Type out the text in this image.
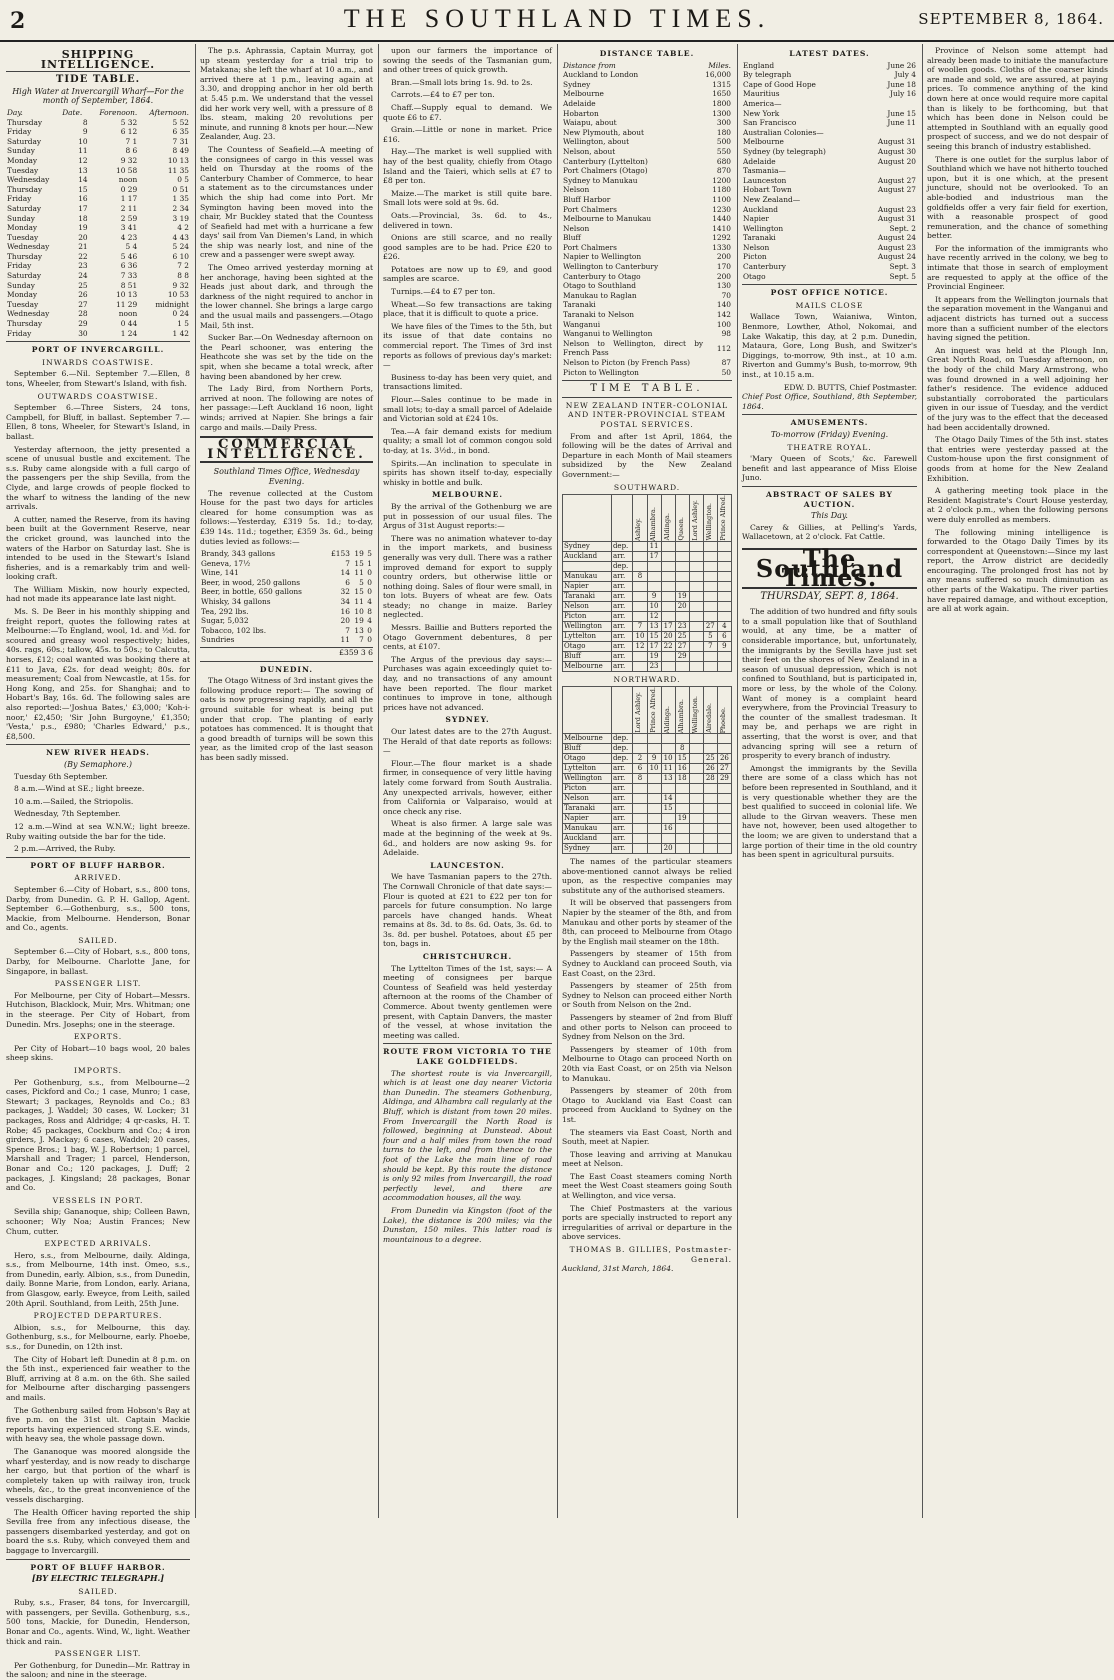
2	THE SOUTHLAND TIMES.	SEPTEMBER 8, 1864.
SHIPPING INTELLIGENCE.
TIDE TABLE.
High Water at Invercargill Wharf—For the month of September, 1864.
Day.	Date.	Forenoon.	Afternoon.
Thursday	8	5 32	5 52
Friday	9	6 12	6 35
Saturday	10	7 1	7 31
Sunday	11	8 6	8 49
Monday	12	9 32	10 13
Tuesday	13	10 58	11 35
Wednesday	14	noon	0 5
Thursday	15	0 29	0 51
Friday	16	1 17	1 35
Saturday	17	2 11	2 34
Sunday	18	2 59	3 19
Monday	19	3 41	4 2
Tuesday	20	4 23	4 43
Wednesday	21	5 4	5 24
Thursday	22	5 46	6 10
Friday	23	6 36	7 2
Saturday	24	7 33	8 8
Sunday	25	8 51	9 32
Monday	26	10 13	10 53
Tuesday	27	11 29	midnight
Wednesday	28	noon	0 24
Thursday	29	0 44	1 5
Friday	30	1 24	1 42
PORT OF INVERCARGILL.
INWARDS COASTWISE.

September 6.—Nil. September 7.—Ellen, 8 tons, Wheeler, from Stewart's Island, with fish.

OUTWARDS COASTWISE.

September 6.—Three Sisters, 24 tons, Campbell, for Bluff, in ballast. September 7.—Ellen, 8 tons, Wheeler, for Stewart's Island, in ballast.

Yesterday afternoon, the jetty presented a scene of unusual bustle and excitement. The s.s. Ruby came alongside with a full cargo of the passengers per the ship Sevilla, from the Clyde, and large crowds of people flocked to the wharf to witness the landing of the new arrivals.

A cutter, named the Reserve, from its having been built at the Government Reserve, near the cricket ground, was launched into the waters of the Harbor on Saturday last. She is intended to be used in the Stewart's Island fisheries, and is a remarkably trim and well-looking craft.

The William Miskin, now hourly expected, had not made its appearance late last night.

Ms. S. De Beer in his monthly shipping and freight report, quotes the following rates at Melbourne:—To England, wool, 1d. and ½d. for scoured and greasy wool respectively; hides, 40s. rags, 60s.; tallow, 45s. to 50s.; to Calcutta, horses, £12; coal wanted was booking there at £11 to Java, £2s. for dead weight; 80s. for measurement; Coal from Newcastle, at 15s. for Hong Kong, and 25s. for Shanghai; and to Hobart's Bay, 16s. 6d. The following sales are also reported:—'Joshua Bates,' £3,000; 'Koh-i-noor,' £2,450; 'Sir John Burgoyne,' £1,350; 'Vesta,' p.s., £980; 'Charles Edward,' p.s., £8,500.

NEW RIVER HEADS.
(By Semaphore.)

Tuesday 6th September.

8 a.m.—Wind at SE.; light breeze.

10 a.m.—Sailed, the Striopolis.

Wednesday, 7th September.

12 a.m.—Wind at sea W.N.W.; light breeze. Ruby waiting outside the bar for the tide.

2 p.m.—Arrived, the Ruby.

PORT OF BLUFF HARBOR.
ARRIVED.

September 6.—City of Hobart, s.s., 800 tons, Darby, from Dunedin. G. P. H. Gallop, Agent. September 6.—Gothenburg, s.s., 500 tons, Mackie, from Melbourne. Henderson, Bonar and Co., agents.

SAILED.

September 6.—City of Hobart, s.s., 800 tons, Darby, for Melbourne. Charlotte Jane, for Singapore, in ballast.

PASSENGER LIST.

For Melbourne, per City of Hobart—Messrs. Hutchison, Blacklock, Muir, Mrs. Whitman; one in the steerage. Per City of Hobart, from Dunedin. Mrs. Josephs; one in the steerage.

EXPORTS.

Per City of Hobart—10 bags wool, 20 bales sheep skins.

IMPORTS.

Per Gothenburg, s.s., from Melbourne—2 cases, Pickford and Co.; 1 case, Munro; 1 case, Stewart; 3 packages, Reynolds and Co.; 83 packages, J. Waddel; 30 cases, W. Locker; 31 packages, Ross and Aldridge; 4 qr-casks, H. T. Robe; 45 packages, Cockburn and Co.; 4 iron girders, J. Mackay; 6 cases, Waddel; 20 cases, Spence Bros.; 1 bag, W. J. Robertson; 1 parcel, Marshall and Trager; 1 parcel, Henderson, Bonar and Co.; 120 packages, J. Duff; 2 packages, J. Kingsland; 28 packages, Bonar and Co.

VESSELS IN PORT.

Sevilla ship; Gananoque, ship; Colleen Bawn, schooner; Wly Noa; Austin Frances; New Chum, cutter.

EXPECTED ARRIVALS.

Hero, s.s., from Melbourne, daily. Aldinga, s.s., from Melbourne, 14th inst. Omeo, s.s., from Dunedin, early. Albion, s.s., from Dunedin, daily. Bonne Marie, from London, early. Ariana, from Glasgow, early. Eweyce, from Leith, sailed 20th April. Southland, from Leith, 25th June.

PROJECTED DEPARTURES.

Albion, s.s., for Melbourne, this day. Gothenburg, s.s., for Melbourne, early. Phoebe, s.s., for Dunedin, on 12th inst.

The City of Hobart left Dunedin at 8 p.m. on the 5th inst., experienced fair weather to the Bluff, arriving at 8 a.m. on the 6th. She sailed for Melbourne after discharging passengers and mails.

The Gothenburg sailed from Hobson's Bay at five p.m. on the 31st ult. Captain Mackie reports having experienced strong S.E. winds, with heavy sea, the whole passage down.

The Gananoque was moored alongside the wharf yesterday, and is now ready to discharge her cargo, but that portion of the wharf is completely taken up with railway iron, truck wheels, &c., to the great inconvenience of the vessels discharging.

The Health Officer having reported the ship Sevilla free from any infectious disease, the passengers disembarked yesterday, and got on board the s.s. Ruby, which conveyed them and baggage to Invercargill.

PORT OF BLUFF HARBOR.
[BY ELECTRIC TELEGRAPH.]
SAILED.

Ruby, s.s., Fraser, 84 tons, for Invercargill, with passengers, per Sevilla. Gothenburg, s.s., 500 tons, Mackie, for Dunedin, Henderson, Bonar and Co., agents. Wind, W., light. Weather thick and rain.

PASSENGER LIST.

Per Gothenburg, for Dunedin—Mr. Rattray in the saloon; and nine in the steerage.

The p.s. Aphrassia, Captain Murray, got up steam yesterday for a trial trip to Matakana; she left the wharf at 10 a.m., and arrived there at 1 p.m., leaving again at 3.30, and dropping anchor in her old berth at 5.45 p.m. We understand that the vessel did her work very well, with a pressure of 8 lbs. steam, making 20 revolutions per minute, and running 8 knots per hour.—New Zealander, Aug. 23.

The Countess of Seafield.—A meeting of the consignees of cargo in this vessel was held on Thursday at the rooms of the Canterbury Chamber of Commerce, to hear a statement as to the circumstances under which the ship had come into Port. Mr Symington having been moved into the chair, Mr Buckley stated that the Countess of Seafield had met with a hurricane a few days' sail from Van Diemen's Land, in which the ship was nearly lost, and nine of the crew and a passenger were swept away.

The Omeo arrived yesterday morning at her anchorage, having been sighted at the Heads just about dark, and through the darkness of the night required to anchor in the lower channel. She brings a large cargo and the usual mails and passengers.—Otago Mail, 5th inst.

Sucker Bar.—On Wednesday afternoon on the Pearl schooner, was entering the Heathcote she was set by the tide on the spit, when she became a total wreck, after having been abandoned by her crew.

The Lady Bird, from Northern Ports, arrived at noon. The following are notes of her passage:—Left Auckland 16 noon, light winds; arrived at Napier. She brings a fair cargo and mails.—Daily Press.

COMMERCIAL INTELLIGENCE.
Southland Times Office, Wednesday Evening.

The revenue collected at the Custom House for the past two days for articles cleared for home consumption was as follows:—Yesterday, £319 5s. 1d.; to-day, £39 14s. 11d.; together, £359 3s. 6d., being duties levied as follows:—

Brandy, 343 gallons	£153	19	5
Geneva, 17½	7	15	1
Wine, 141	14	11	0
Beer, in wood, 250 gallons	6	5	0
Beer, in bottle, 650 gallons	32	15	0
Whisky, 34 gallons	34	11	4
Tea, 292 lbs.	16	10	8
Sugar, 5,032	20	19	4
Tobacco, 102 lbs.	7	13	0
Sundries	11	7	0
£359 3 6
DUNEDIN.

The Otago Witness of 3rd instant gives the following produce report:— The sowing of oats is now progressing rapidly, and all the ground suitable for wheat is being put under that crop. The planting of early potatoes has commenced. It is thought that a good breadth of turnips will be sown this year, as the limited crop of the last season has been sadly missed.

upon our farmers the importance of sowing the seeds of the Tasmanian gum, and other trees of quick growth.

Bran.—Small lots bring 1s. 9d. to 2s.

Carrots.—£4 to £7 per ton.

Chaff.—Supply equal to demand. We quote £6 to £7.

Grain.—Little or none in market. Price £16.

Hay.—The market is well supplied with hay of the best quality, chiefly from Otago Island and the Taieri, which sells at £7 to £8 per ton.

Maize.—The market is still quite bare. Small lots were sold at 9s. 6d.

Oats.—Provincial, 3s. 6d. to 4s., delivered in town.

Onions are still scarce, and no really good samples are to be had. Price £20 to £26.

Potatoes are now up to £9, and good samples are scarce.

Turnips.—£4 to £7 per ton.

Wheat.—So few transactions are taking place, that it is difficult to quote a price.

We have files of the Times to the 5th, but its issue of that date contains no commercial report. The Times of 3rd inst reports as follows of previous day's market:—

Business to-day has been very quiet, and transactions limited.

Flour.—Sales continue to be made in small lots; to-day a small parcel of Adelaide and Victorian sold at £24 10s.

Tea.—A fair demand exists for medium quality; a small lot of common congou sold to-day, at 1s. 3½d., in bond.

Spirits.—An inclination to speculate in spirits has shown itself to-day, especially whisky in bottle and bulk.

MELBOURNE.

By the arrival of the Gothenburg we are put in possession of our usual files. The Argus of 31st August reports:—

There was no animation whatever to-day in the import markets, and business generally was very dull. There was a rather improved demand for export to supply country orders, but otherwise little or nothing doing. Sales of flour were small, in ton lots. Buyers of wheat are few. Oats steady; no change in maize. Barley neglected.

Messrs. Baillie and Butters reported the Otago Government debentures, 8 per cents, at £107.

The Argus of the previous day says:—Purchases was again exceedingly quiet to-day, and no transactions of any amount have been reported. The flour market continues to improve in tone, although prices have not advanced.

SYDNEY.

Our latest dates are to the 27th August. The Herald of that date reports as follows:—

Flour.—The flour market is a shade firmer, in consequence of very little having lately come forward from South Australia. Any unexpected arrivals, however, either from California or Valparaiso, would at once check any rise.

Wheat is also firmer. A large sale was made at the beginning of the week at 9s. 6d., and holders are now asking 9s. for Adelaide.

LAUNCESTON.

We have Tasmanian papers to the 27th. The Cornwall Chronicle of that date says:— Flour is quoted at £21 to £22 per ton for parcels for future consumption. No large parcels have changed hands. Wheat remains at 8s. 3d. to 8s. 6d. Oats, 3s. 6d. to 3s. 8d. per bushel. Potatoes, about £5 per ton, bags in.

CHRISTCHURCH.

The Lyttelton Times of the 1st, says:— A meeting of consignees per barque Countess of Seafield was held yesterday afternoon at the rooms of the Chamber of Commerce. About twenty gentlemen were present, with Captain Danvers, the master of the vessel, at whose invitation the meeting was called.

ROUTE FROM VICTORIA TO THE LAKE GOLDFIELDS.

The shortest route is via Invercargill, which is at least one day nearer Victoria than Dunedin. The steamers Gothenburg, Aldinga, and Alhambra call regularly at the Bluff, which is distant from town 20 miles. From Invercargill the North Road is followed, beginning at Dunstead. About four and a half miles from town the road turns to the left, and from thence to the foot of the Lake the main line of road should be kept. By this route the distance is only 92 miles from Invercargill, the road perfectly level, and there are accommodation houses, all the way.

From Dunedin via Kingston (foot of the Lake), the distance is 200 miles; via the Dunstan, 150 miles. This latter road is mountainous to a degree.

DISTANCE TABLE.
Distance from	Miles.
Auckland to London	16,000
Sydney	1315
Melbourne	1650
Adelaide	1800
Hobarton	1300
Waiapu, about	300
New Plymouth, about	180
Wellington, about	500
Nelson, about	550
Canterbury (Lyttelton)	680
Port Chalmers (Otago)	870
Sydney to Manukau	1200
Nelson	1180
Bluff Harbor	1100
Port Chalmers	1230
Melbourne to Manukau	1440
Nelson	1410
Bluff	1292
Port Chalmers	1330
Napier to Wellington	200
Wellington to Canterbury	170
Canterbury to Otago	200
Otago to Southland	130
Manukau to Raglan	70
Taranaki	140
Taranaki to Nelson	142
Wanganui	100
Wanganui to Wellington	98
Nelson to Wellington, direct by French Pass	112
Nelson to Picton (by French Pass)	87
Picton to Wellington	50
TIME TABLE.
NEW ZEALAND INTER-COLONIAL AND INTER-PROVINCIAL STEAM POSTAL SERVICES.

From and after 1st April, 1864, the following will be the dates of Arrival and Departure in each Month of Mail steamers subsidized by the New Zealand Government:—

SOUTHWARD.

		Ashley.	Alhambra.	Aldinga.	Queen.	Lord Ashley.	Wellington.	Prince Alfred.

Sydney	dep.		11					
Auckland	arr.		17					
	dep.							
Manukau	arr.	8						
Napier	arr.							
Taranaki	arr.		9		19			
Nelson	arr.		10		20			
Picton	arr.		12					
Wellington	arr.	7	13	17	23		27	4
Lyttelton	arr.	10	15	20	25		5	6
Otago	arr.	12	17	22	27		7	9
Bluff	arr.		19		29			
Melbourne	arr.		23					
NORTHWARD.

		Lord Ashley.	Prince Alfred.	Aldinga.	Alhambra.	Wellington.	Airedale.	Phoebe.

Melbourne	dep.							
Bluff	dep.				8			
Otago	dep.	2	9	10	15		25	26
Lyttelton	arr.	6	10	11	16		26	27
Wellington	arr.	8		13	18		28	29
Picton	arr.							
Nelson	arr.			14				
Taranaki	arr.			15				
Napier	arr.				19			
Manukau	arr.			16				
Auckland	arr.							
Sydney	arr.			20				

The names of the particular steamers above-mentioned cannot always be relied upon, as the respective companies may substitute any of the authorised steamers.

It will be observed that passengers from Napier by the steamer of the 8th, and from Manukau and other ports by steamer of the 8th, can proceed to Melbourne from Otago by the English mail steamer on the 18th.

Passengers by steamer of 15th from Sydney to Auckland can proceed South, via East Coast, on the 23rd.

Passengers by steamer of 25th from Sydney to Nelson can proceed either North or South from Nelson on the 2nd.

Passengers by steamer of 2nd from Bluff and other ports to Nelson can proceed to Sydney from Nelson on the 3rd.

Passengers by steamer of 10th from Melbourne to Otago can proceed North on 20th via East Coast, or on 25th via Nelson to Manukau.

Passengers by steamer of 20th from Otago to Auckland via East Coast can proceed from Auckland to Sydney on the 1st.

The steamers via East Coast, North and South, meet at Napier.

Those leaving and arriving at Manukau meet at Nelson.

The East Coast steamers coming North meet the West Coast steamers going South at Wellington, and vice versa.

The Chief Postmasters at the various ports are specially instructed to report any irregularities of arrival or departure in the above services.

THOMAS B. GILLIES, Postmaster-General.
Auckland, 31st March, 1864.
LATEST DATES.
England	June 26
By telegraph	July 4
Cape of Good Hope	June 18
Mauritius	July 16
America—	
New York	June 15
San Francisco	June 11
Australian Colonies—	
Melbourne	August 31
Sydney (by telegraph)	August 30
Adelaide	August 20
Tasmania—	
Launceston	August 27
Hobart Town	August 27
New Zealand—	
Auckland	August 23
Napier	August 31
Wellington	Sept. 2
Taranaki	August 24
Nelson	August 23
Picton	August 24
Canterbury	Sept. 3
Otago	Sept. 5
POST OFFICE NOTICE.
MAILS CLOSE

Wallace Town, Waianiwa, Winton, Benmore, Lowther, Athol, Nokomai, and Lake Wakatip, this day, at 2 p.m. Dunedin, Mataura, Gore, Long Bush, and Switzer's Diggings, to-morrow, 9th inst., at 10 a.m. Riverton and Gummy's Bush, to-morrow, 9th inst., at 10.15 a.m.

EDW. D. BUTTS, Chief Postmaster.
Chief Post Office, Southland, 8th September, 1864.
AMUSEMENTS.
To-morrow (Friday) Evening.
THEATRE ROYAL.

'Mary Queen of Scots,' &c. Farewell benefit and last appearance of Miss Eloise Juno.

ABSTRACT OF SALES BY AUCTION.
This Day.

Carey & Gillies, at Pelling's Yards, Wallacetown, at 2 o'clock. Fat Cattle.

The Southland Times.
THURSDAY, SEPT. 8, 1864.

The addition of two hundred and fifty souls to a small population like that of Southland would, at any time, be a matter of considerable importance, but, unfortunately, the immigrants by the Sevilla have just set their feet on the shores of New Zealand in a season of unusual depression, which is not confined to Southland, but is participated in, more or less, by the whole of the Colony. Want of money is a complaint heard everywhere, from the Provincial Treasury to the counter of the smallest tradesman. It may be, and perhaps we are right in asserting, that the worst is over, and that advancing spring will see a return of prosperity to every branch of industry.

Amongst the immigrants by the Sevilla there are some of a class which has not before been represented in Southland, and it is very questionable whether they are the best qualified to succeed in colonial life. We allude to the Girvan weavers. These men have not, however, been used altogether to the loom; we are given to understand that a large portion of their time in the old country has been spent in agricultural pursuits.

Province of Nelson some attempt had already been made to initiate the manufacture of woollen goods. Cloths of the coarser kinds are made and sold, we are assured, at paying prices. To commence anything of the kind down here at once would require more capital than is likely to be forthcoming, but that which has been done in Nelson could be attempted in Southland with an equally good prospect of success, and we do not despair of seeing this branch of industry established.

There is one outlet for the surplus labor of Southland which we have not hitherto touched upon, but it is one which, at the present juncture, should not be overlooked. To an able-bodied and industrious man the goldfields offer a very fair field for exertion, with a reasonable prospect of good remuneration, and the chance of something better.

For the information of the immigrants who have recently arrived in the colony, we beg to intimate that those in search of employment are requested to apply at the office of the Provincial Engineer.

It appears from the Wellington journals that the separation movement in the Wanganui and adjacent districts has turned out a success more than a sufficient number of the electors having signed the petition.

An inquest was held at the Plough Inn, Great North Road, on Tuesday afternoon, on the body of the child Mary Armstrong, who was found drowned in a well adjoining her father's residence. The evidence adduced substantially corroborated the particulars given in our issue of Tuesday, and the verdict of the jury was to the effect that the deceased had been accidentally drowned.

The Otago Daily Times of the 5th inst. states that entries were yesterday passed at the Custom-house upon the first consignment of goods from at home for the New Zealand Exhibition.

A gathering meeting took place in the Resident Magistrate's Court House yesterday, at 2 o'clock p.m., when the following persons were duly enrolled as members.

The following mining intelligence is forwarded to the Otago Daily Times by its correspondent at Queenstown:—Since my last report, the Arrow district are decidedly encouraging. The prolonged frost has not by any means suffered so much diminution as other parts of the Wakatipu. The river parties have repaired damage, and without exception, are all at work again.
